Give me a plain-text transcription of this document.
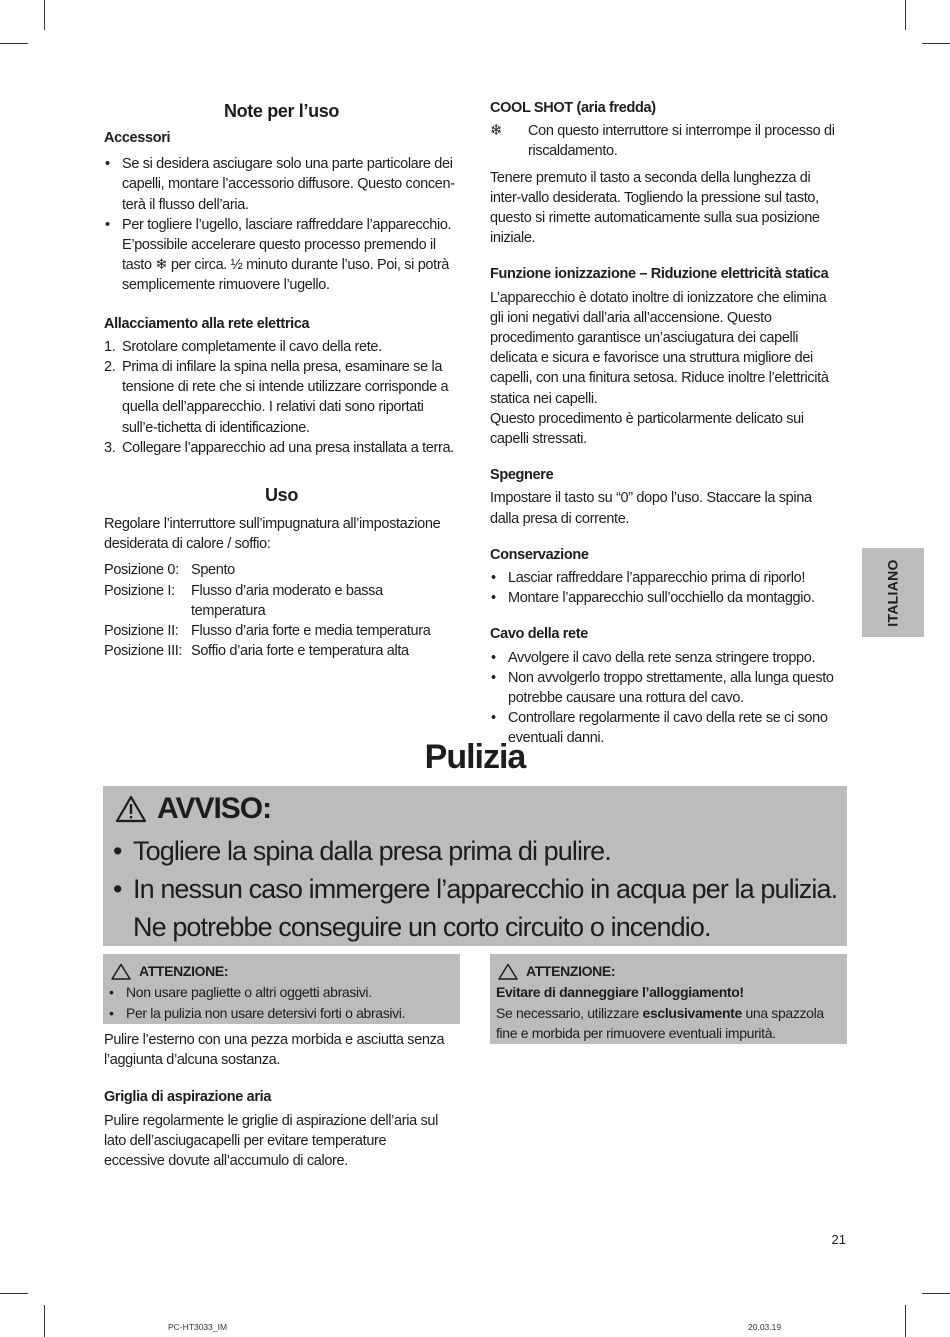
Note per l’uso

Accessori

• Se si desidera asciugare solo una parte particolare dei capelli, montare l’accessorio diffusore. Questo concen-terà il flusso dell’aria.
• Per togliere l’ugello, lasciare raffreddare l’apparecchio. E’possibile accelerare questo processo premendo il tasto ❄ per circa. ½ minuto durante l’uso. Poi, si potrà semplicemente rimuovere l’ugello.

Allacciamento alla rete elettrica

1. Srotolare completamente il cavo della rete.
2. Prima di infilare la spina nella presa, esaminare se la tensione di rete che si intende utilizzare corrisponde a quella dell’apparecchio. I relativi dati sono riportati sull’e-tichetta di identificazione.
3. Collegare l’apparecchio ad una presa installata a terra.
Uso

Regolare l’interruttore sull’impugnatura all’impostazione desiderata di calore / soffio:

Posizione 0: Spento
Posizione I:	Flusso d’aria moderato e bassa temperatura
Posizione II: Flusso d’aria forte e media temperatura
Posizione III: Soffio d’aria forte e temperatura alta

COOL SHOT (aria fredda)

❄	Con questo interruttore si interrompe il processo di riscaldamento.

Tenere premuto il tasto a seconda della lunghezza di inter-vallo desiderata. Togliendo la pressione sul tasto, questo si rimette automaticamente sulla sua posizione iniziale.

Funzione ionizzazione – Riduzione elettricità statica

L’apparecchio è dotato inoltre di ionizzatore che elimina gli ioni negativi dall’aria all’accensione. Questo procedimento garantisce un’asciugatura dei capelli delicata e sicura e favorisce una struttura migliore dei capelli, con una finitura setosa. Riduce inoltre l’elettricità statica nei capelli.

Questo procedimento è particolarmente delicato sui capelli stressati.

Spegnere

Impostare il tasto su “0” dopo l’uso. Staccare la spina dalla presa di corrente.

Conservazione

• Lasciar raffreddare l’apparecchio prima di riporlo!
• Montare l’apparecchio sull’occhiello da montaggio.

Cavo della rete

• Avvolgere il cavo della rete senza stringere troppo.
• Non avvolgerlo troppo strettamente, alla lunga questo potrebbe causare una rottura del cavo.
• Controllare regolarmente il cavo della rete se ci sono eventuali danni.
ITALIANO
Pulizia
AVVISO:
• Togliere la spina dalla presa prima di pulire.
• In nessun caso immergere l’apparecchio in acqua per la pulizia. Ne potrebbe conseguire un corto circuito o incendio.
ATTENZIONE:
• Non usare pagliette o altri oggetti abrasivi.
• Per la pulizia non usare detersivi forti o abrasivi.
ATTENZIONE:

Evitare di danneggiare l’alloggiamento!

Se necessario, utilizzare esclusivamente una spazzola fine e morbida per rimuovere eventuali impurità.

Pulire l’esterno con una pezza morbida e asciutta senza l’aggiunta d’alcuna sostanza.

Griglia di aspirazione aria

Pulire regolarmente le griglie di aspirazione dell’aria sul lato dell’asciugacapelli per evitare temperature eccessive dovute all’accumulo di calore.

21
PC-HT3033_IM	20.03.19
